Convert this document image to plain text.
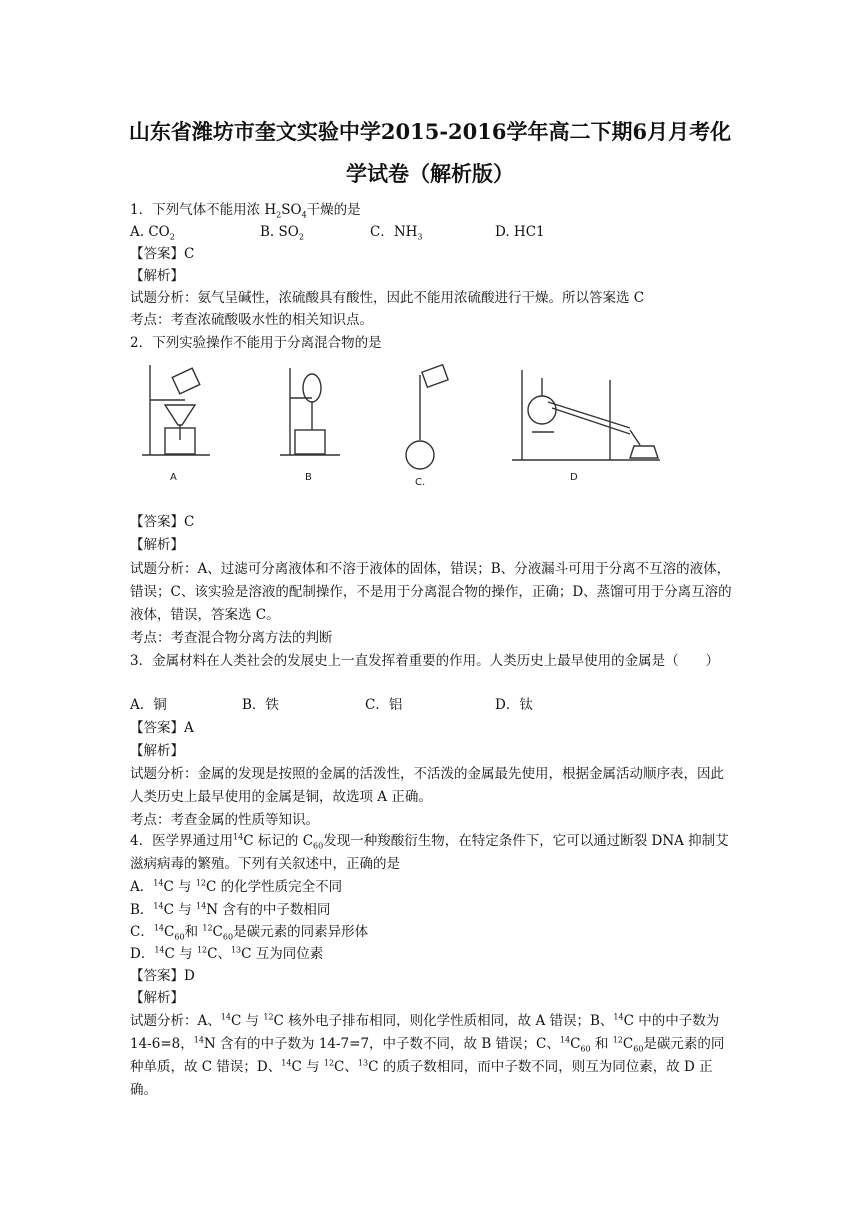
山东省潍坊市奎文实验中学2015-2016学年高二下期6月月考化
学试卷（解析版）
1．下列气体不能用浓 $H_2SO_4$干燥的是
A. $CO_2$	B. $SO_2$	C．$NH_3$	D. HC1
【答案】C
【解析】
试题分析：氨气呈碱性，浓硫酸具有酸性，因此不能用浓硫酸进行干燥。所以答案选 C
考点：考查浓硫酸吸水性的相关知识点。
2．下列实验操作不能用于分离混合物的是
A	B	C.	D
【答案】C
【解析】
试题分析：A、过滤可分离液体和不溶于液体的固体，错误；B、分液漏斗可用于分离不互溶的液体，错误；C、该实验是溶液的配制操作，不是用于分离混合物的操作，正确；D、蒸馏可用于分离互溶的液体，错误，答案选 C。
考点：考查混合物分离方法的判断
3．金属材料在人类社会的发展史上一直发挥着重要的作用。人类历史上最早使用的金属是（　　）
A．铜	B．铁	C．铝	D．钛
【答案】A
【解析】
试题分析：金属的发现是按照的金属的活泼性，不活泼的金属最先使用，根据金属活动顺序表，因此人类历史上最早使用的金属是铜，故选项 A 正确。
考点：考查金属的性质等知识。
4．医学界通过用$^{14}$C 标记的 $C_{60}$发现一种羧酸衍生物，在特定条件下，它可以通过断裂 DNA 抑制艾滋病病毒的繁殖。下列有关叙述中，正确的是
A．$^{14}$C 与 $^{12}$C 的化学性质完全不同
B．$^{14}$C 与 $^{14}$N 含有的中子数相同
C．$^{14}C_{60}$和 $^{12}C_{60}$是碳元素的同素异形体
D．$^{14}$C 与 $^{12}$C、$^{13}$C 互为同位素
【答案】D
【解析】
试题分析：A、$^{14}$C 与 $^{12}$C 核外电子排布相同，则化学性质相同，故 A 错误；B、$^{14}$C 中的中子数为 14-6=8，$^{14}$N 含有的中子数为 14-7=7，中子数不同，故 B 错误；C、$^{14}C_{60}$ 和 $^{12}C_{60}$是碳元素的同种单质，故 C 错误；D、$^{14}$C 与 $^{12}$C、$^{13}$C 的质子数相同，而中子数不同，则互为同位素，故 D 正确。
